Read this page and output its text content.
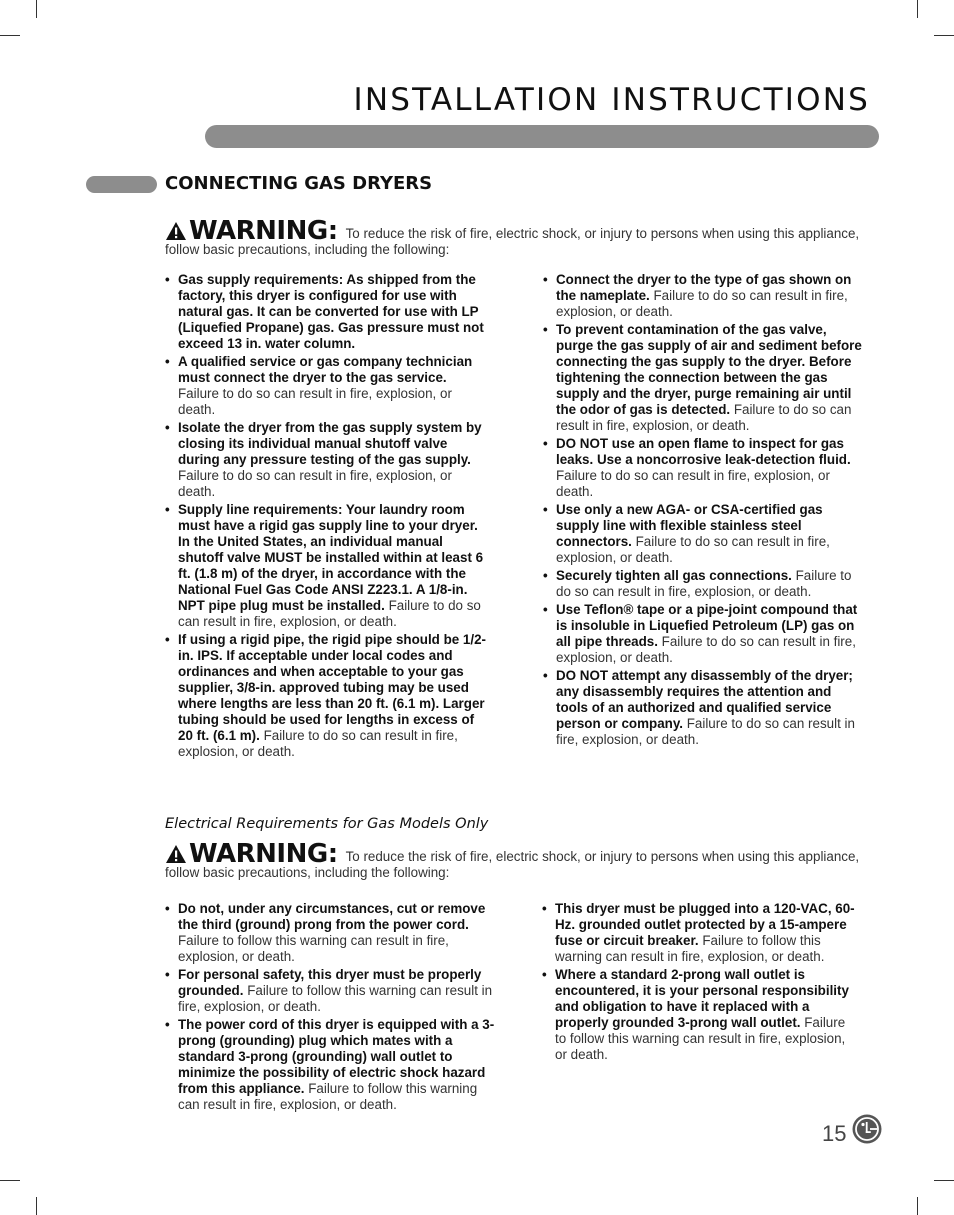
INSTALLATION INSTRUCTIONS
CONNECTING GAS DRYERS
WARNING: To reduce the risk of fire, electric shock, or injury to persons when using this appliance, follow basic precautions, including the following:
• Gas supply requirements: As shipped from the factory, this dryer is configured for use with natural gas. It can be converted for use with LP (Liquefied Propane) gas. Gas pressure must not exceed 13 in. water column.
• A qualified service or gas company technician must connect the dryer to the gas service. Failure to do so can result in fire, explosion, or death.
• Isolate the dryer from the gas supply system by closing its individual manual shutoff valve during any pressure testing of the gas supply. Failure to do so can result in fire, explosion, or death.
• Supply line requirements: Your laundry room must have a rigid gas supply line to your dryer. In the United States, an individual manual shutoff valve MUST be installed within at least 6 ft. (1.8 m) of the dryer, in accordance with the National Fuel Gas Code ANSI Z223.1. A 1/8-in. NPT pipe plug must be installed. Failure to do so can result in fire, explosion, or death.
• If using a rigid pipe, the rigid pipe should be 1/2-in. IPS. If acceptable under local codes and ordinances and when acceptable to your gas supplier, 3/8-in. approved tubing may be used where lengths are less than 20 ft. (6.1 m). Larger tubing should be used for lengths in excess of 20 ft. (6.1 m). Failure to do so can result in fire, explosion, or death.
• Connect the dryer to the type of gas shown on the nameplate. Failure to do so can result in fire, explosion, or death.
• To prevent contamination of the gas valve, purge the gas supply of air and sediment before connecting the gas supply to the dryer. Before tightening the connection between the gas supply and the dryer, purge remaining air until the odor of gas is detected. Failure to do so can result in fire, explosion, or death.
• DO NOT use an open flame to inspect for gas leaks. Use a noncorrosive leak-detection fluid. Failure to do so can result in fire, explosion, or death.
• Use only a new AGA- or CSA-certified gas supply line with flexible stainless steel connectors. Failure to do so can result in fire, explosion, or death.
• Securely tighten all gas connections. Failure to do so can result in fire, explosion, or death.
• Use Teflon® tape or a pipe-joint compound that is insoluble in Liquefied Petroleum (LP) gas on all pipe threads. Failure to do so can result in fire, explosion, or death.
• DO NOT attempt any disassembly of the dryer; any disassembly requires the attention and tools of an authorized and qualified service person or company. Failure to do so can result in fire, explosion, or death.
Electrical Requirements for Gas Models Only
WARNING: To reduce the risk of fire, electric shock, or injury to persons when using this appliance, follow basic precautions, including the following:
• Do not, under any circumstances, cut or remove the third (ground) prong from the power cord. Failure to follow this warning can result in fire, explosion, or death.
• For personal safety, this dryer must be properly grounded. Failure to follow this warning can result in fire, explosion, or death.
• The power cord of this dryer is equipped with a 3-prong (grounding) plug which mates with a standard 3-prong (grounding) wall outlet to minimize the possibility of electric shock hazard from this appliance. Failure to follow this warning can result in fire, explosion, or death.
• This dryer must be plugged into a 120-VAC, 60-Hz. grounded outlet protected by a 15-ampere fuse or circuit breaker. Failure to follow this warning can result in fire, explosion, or death.
• Where a standard 2-prong wall outlet is encountered, it is your personal responsibility and obligation to have it replaced with a properly grounded 3-prong wall outlet. Failure to follow this warning can result in fire, explosion, or death.
15
